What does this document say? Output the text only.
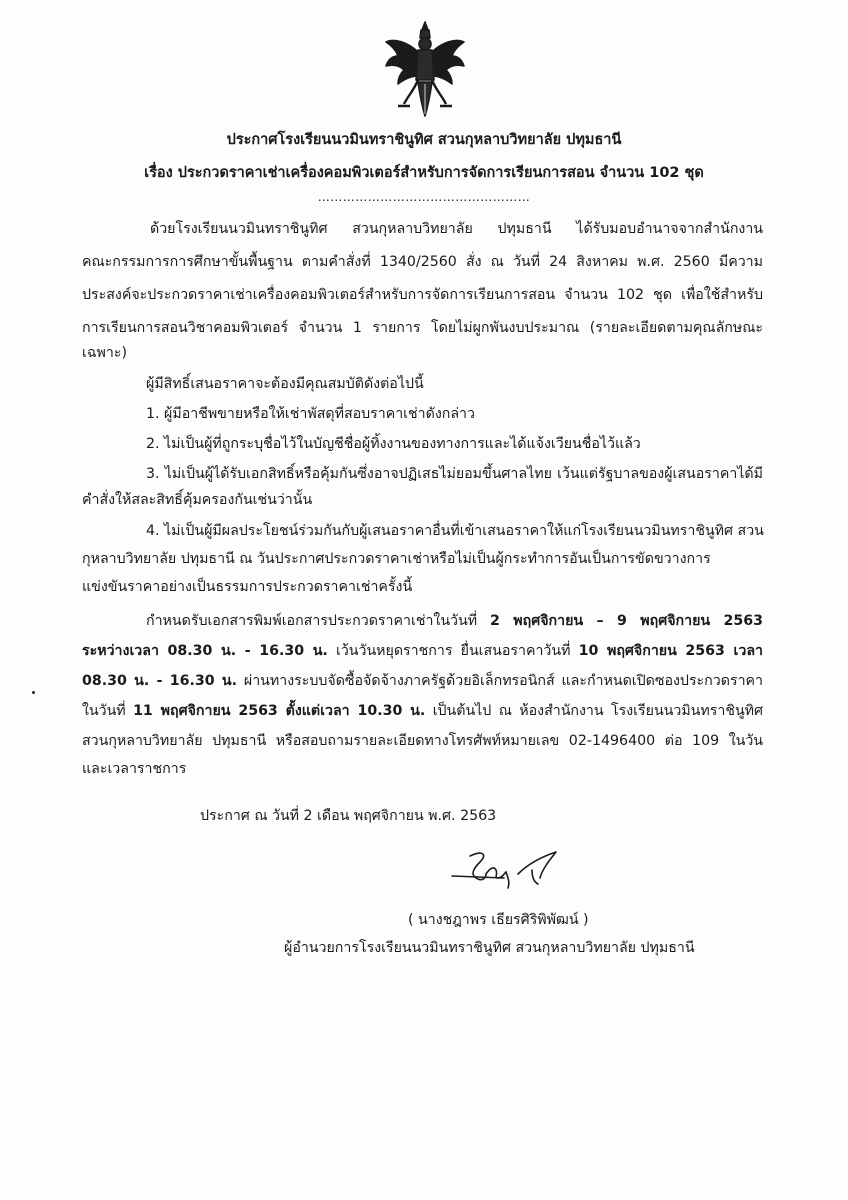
ประกาศโรงเรียนนวมินทราชินูทิศ สวนกุหลาบวิทยาลัย ปทุมธานี
เรื่อง ประกวดราคาเช่าเครื่องคอมพิวเตอร์สำหรับการจัดการเรียนการสอน จำนวน 102 ชุด
……………………………………………
ด้วยโรงเรียนนวมินทราชินูทิศ สวนกุหลาบวิทยาลัย ปทุมธานี ได้รับมอบอำนาจจากสำนักงาน
คณะกรรมการการศึกษาขั้นพื้นฐาน ตามคำสั่งที่ 1340/2560 สั่ง ณ วันที่ 24 สิงหาคม พ.ศ. 2560 มีความ
ประสงค์จะประกวดราคาเช่าเครื่องคอมพิวเตอร์สำหรับการจัดการเรียนการสอน จำนวน 102 ชุด เพื่อใช้สำหรับ
การเรียนการสอนวิชาคอมพิวเตอร์ จำนวน 1 รายการ โดยไม่ผูกพันงบประมาณ (รายละเอียดตามคุณลักษณะ
เฉพาะ)
ผู้มีสิทธิ์เสนอราคาจะต้องมีคุณสมบัติดังต่อไปนี้
1. ผู้มีอาชีพขายหรือให้เช่าพัสดุที่สอบราคาเช่าดังกล่าว
2. ไม่เป็นผู้ที่ถูกระบุชื่อไว้ในบัญชีชื่อผู้ทิ้งงานของทางการและได้แจ้งเวียนชื่อไว้แล้ว
3. ไม่เป็นผู้ได้รับเอกสิทธิ์หรือคุ้มกันซึ่งอาจปฏิเสธไม่ยอมขึ้นศาลไทย เว้นแต่รัฐบาลของผู้เสนอราคาได้มี
คำสั่งให้สละสิทธิ์คุ้มครองกันเช่นว่านั้น
4. ไม่เป็นผู้มีผลประโยชน์ร่วมกันกับผู้เสนอราคาอื่นที่เข้าเสนอราคาให้แก่โรงเรียนนวมินทราชินูทิศ สวน
กุหลาบวิทยาลัย ปทุมธานี ณ วันประกาศประกวดราคาเช่าหรือไม่เป็นผู้กระทำการอันเป็นการขัดขวางการ
แข่งขันราคาอย่างเป็นธรรมการประกวดราคาเช่าครั้งนี้
กำหนดรับเอกสารพิมพ์เอกสารประกวดราคาเช่าในวันที่ 2 พฤศจิกายน – 9 พฤศจิกายน 2563
ระหว่างเวลา 08.30 น. - 16.30 น. เว้นวันหยุดราชการ ยื่นเสนอราคาวันที่ 10 พฤศจิกายน 2563 เวลา
08.30 น. - 16.30 น. ผ่านทางระบบจัดซื้อจัดจ้างภาครัฐด้วยอิเล็กทรอนิกส์ และกำหนดเปิดซองประกวดราคา
ในวันที่ 11 พฤศจิกายน 2563 ตั้งแต่เวลา 10.30 น. เป็นต้นไป ณ ห้องสำนักงาน โรงเรียนนวมินทราชินูทิศ
สวนกุหลาบวิทยาลัย ปทุมธานี หรือสอบถามรายละเอียดทางโทรศัพท์หมายเลข 02-1496400 ต่อ 109 ในวัน
และเวลาราชการ
ประกาศ ณ วันที่ 2 เดือน พฤศจิกายน พ.ศ. 2563
( นางชฎาพร เธียรศิริพิพัฒน์ )
ผู้อำนวยการโรงเรียนนวมินทราชินูทิศ สวนกุหลาบวิทยาลัย ปทุมธานี
